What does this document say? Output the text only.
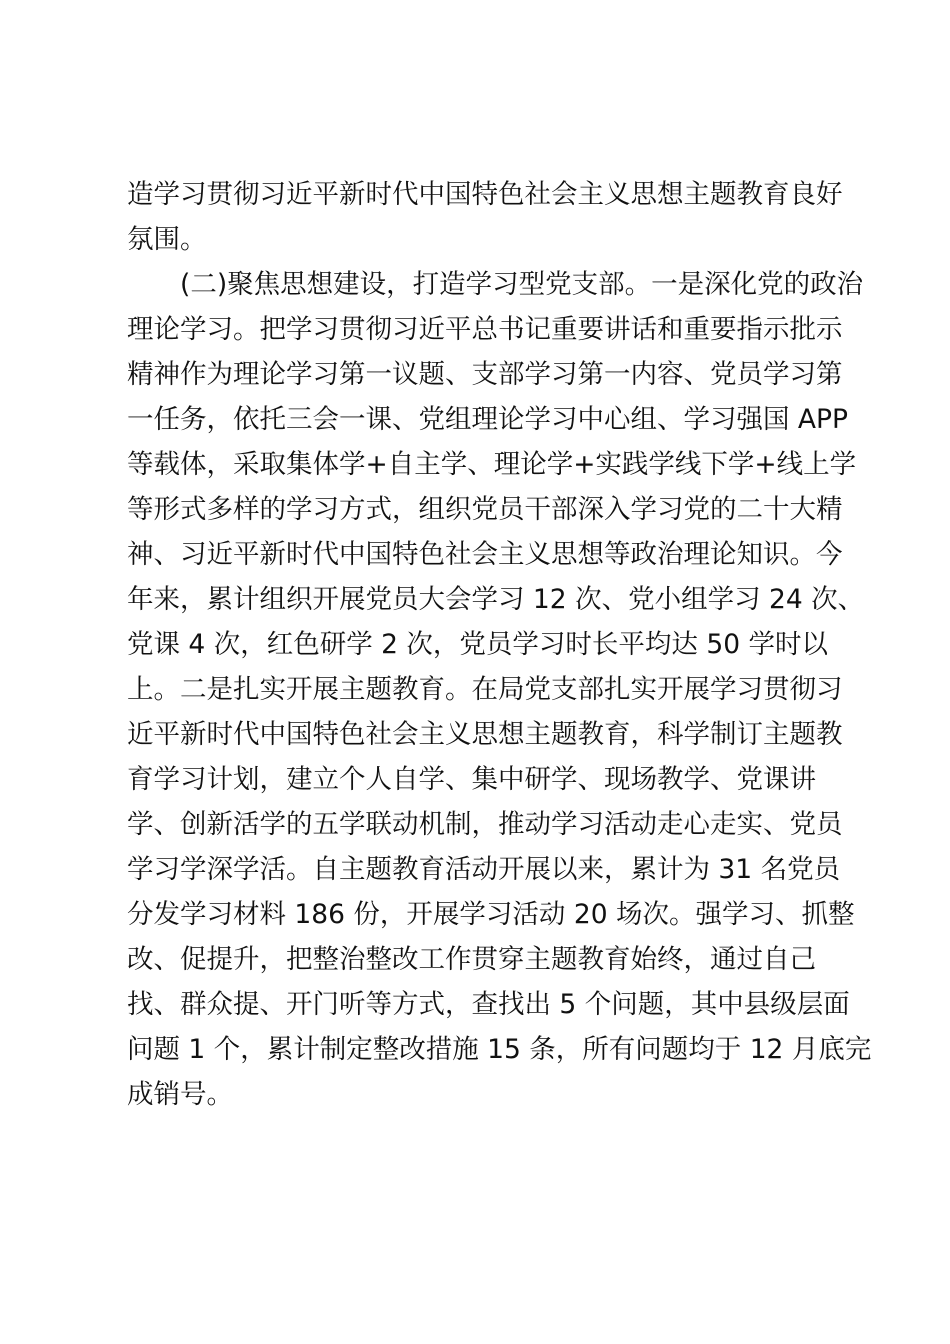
造学习贯彻习近平新时代中国特色社会主义思想主题教育良好
氛围。
(二)聚焦思想建设，打造学习型党支部。一是深化党的政治
理论学习。把学习贯彻习近平总书记重要讲话和重要指示批示
精神作为理论学习第一议题、支部学习第一内容、党员学习第
一任务，依托三会一课、党组理论学习中心组、学习强国 APP
等载体，采取集体学+自主学、理论学+实践学线下学+线上学
等形式多样的学习方式，组织党员干部深入学习党的二十大精
神、习近平新时代中国特色社会主义思想等政治理论知识。今
年来，累计组织开展党员大会学习 12 次、党小组学习 24 次、
党课 4 次，红色研学 2 次，党员学习时长平均达 50 学时以
上。二是扎实开展主题教育。在局党支部扎实开展学习贯彻习
近平新时代中国特色社会主义思想主题教育，科学制订主题教
育学习计划，建立个人自学、集中研学、现场教学、党课讲
学、创新活学的五学联动机制，推动学习活动走心走实、党员
学习学深学活。自主题教育活动开展以来，累计为 31 名党员
分发学习材料 186 份，开展学习活动 20 场次。强学习、抓整
改、促提升，把整治整改工作贯穿主题教育始终，通过自己
找、群众提、开门听等方式，查找出 5 个问题，其中县级层面
问题 1 个，累计制定整改措施 15 条，所有问题均于 12 月底完
成销号。
